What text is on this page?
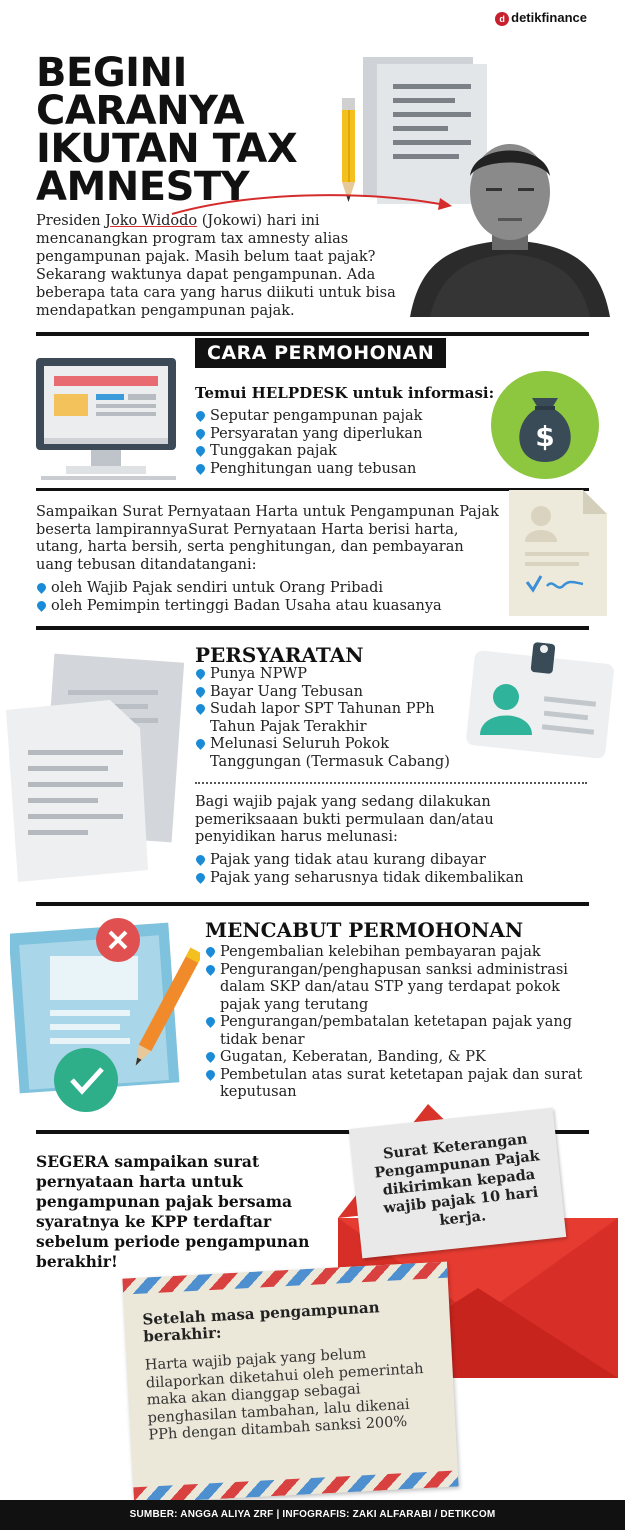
d detikfinance
BEGINI
CARANYA
IKUTAN TAX
AMNESTY
Presiden Joko Widodo (Jokowi) hari ini mencanangkan program tax amnesty alias pengampunan pajak. Masih belum taat pajak? Sekarang waktunya dapat pengampunan. Ada beberapa tata cara yang harus diikuti untuk bisa mendapatkan pengampunan pajak.
CARA PERMOHONAN
Temui HELPDESK untuk informasi:
Seputar pengampunan pajak
Persyaratan yang diperlukan
Tunggakan pajak
Penghitungan uang tebusan
$
Sampaikan Surat Pernyataan Harta untuk Pengampunan Pajak beserta lampirannyaSurat Pernyataan Harta berisi harta, utang, harta bersih, serta penghitungan, dan pembayaran uang tebusan ditandatangani:
oleh Wajib Pajak sendiri untuk Orang Pribadi
oleh Pemimpin tertinggi Badan Usaha atau kuasanya
PERSYARATAN
Punya NPWP
Bayar Uang Tebusan
Sudah lapor SPT Tahunan PPh Tahun Pajak Terakhir
Melunasi Seluruh Pokok Tanggungan (Termasuk Cabang)
Bagi wajib pajak yang sedang dilakukan pemeriksaaan bukti permulaan dan/atau penyidikan harus melunasi:
Pajak yang tidak atau kurang dibayar
Pajak yang seharusnya tidak dikembalikan
MENCABUT PERMOHONAN
Pengembalian kelebihan pembayaran pajak
Pengurangan/penghapusan sanksi administrasi dalam SKP dan/atau STP yang terdapat pokok pajak yang terutang
Pengurangan/pembatalan ketetapan pajak yang tidak benar
Gugatan, Keberatan, Banding, & PK
Pembetulan atas surat ketetapan pajak dan surat keputusan
Surat Keterangan Pengampunan Pajak dikirimkan kepada wajib pajak 10 hari kerja.
SEGERA sampaikan surat pernyataan harta untuk pengampunan pajak bersama syaratnya ke KPP terdaftar sebelum periode pengampunan berakhir!
Setelah masa pengampunan berakhir:
Harta wajib pajak yang belum dilaporkan diketahui oleh pemerintah maka akan dianggap sebagai penghasilan tambahan, lalu dikenai PPh dengan ditambah sanksi 200%
SUMBER: ANGGA ALIYA ZRF | INFOGRAFIS: ZAKI ALFARABI / DETIKCOM
